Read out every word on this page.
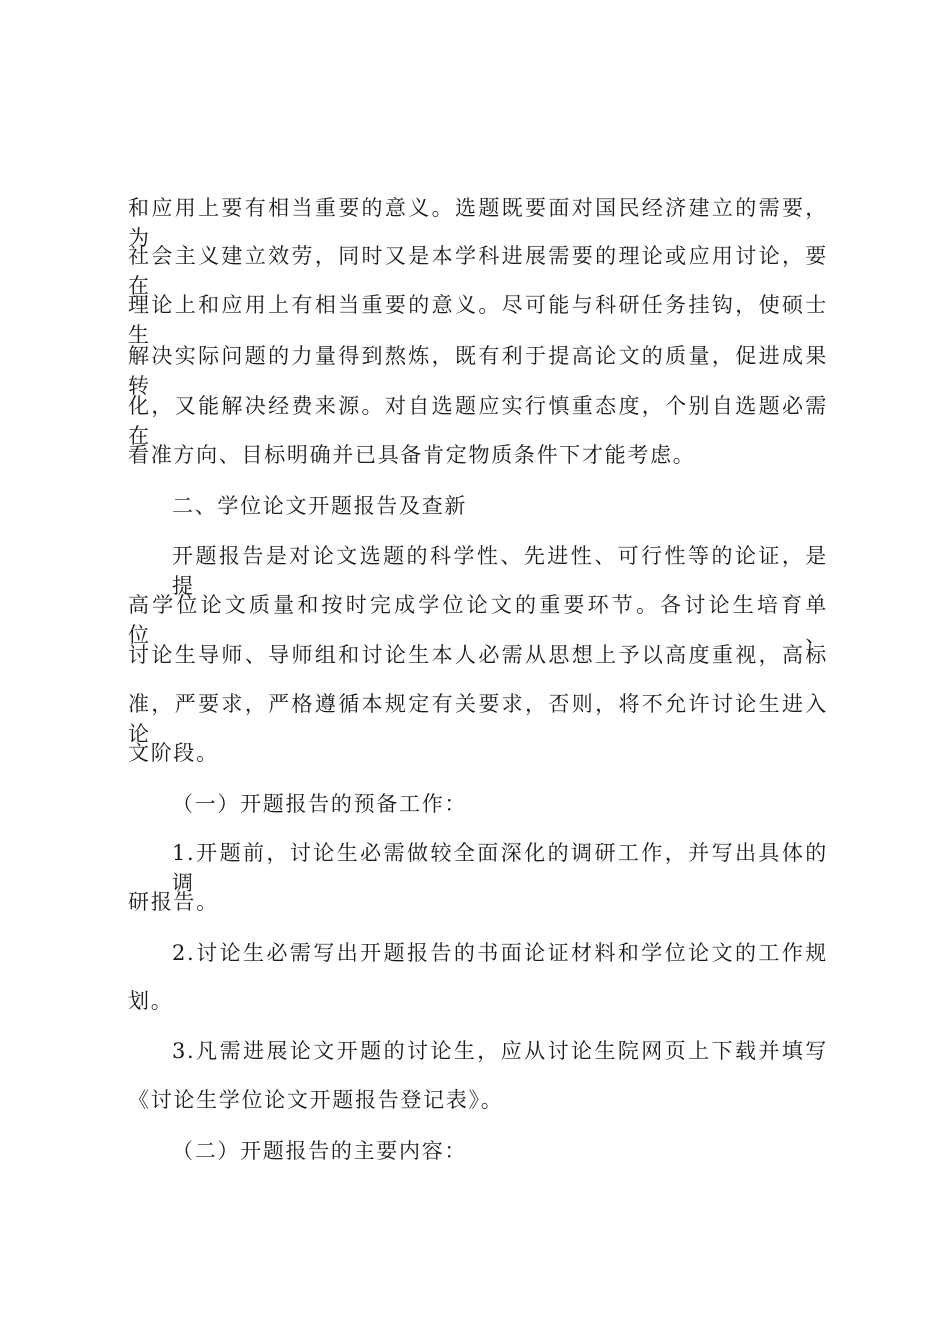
和应用上要有相当重要的意义。选题既要面对国民经济建立的需要，为
社会主义建立效劳，同时又是本学科进展需要的理论或应用讨论，要在
理论上和应用上有相当重要的意义。尽可能与科研任务挂钩，使硕士生
解决实际问题的力量得到熬炼，既有利于提高论文的质量，促进成果转
化，又能解决经费来源。对自选题应实行慎重态度，个别自选题必需在
看准方向、目标明确并已具备肯定物质条件下才能考虑。
二、学位论文开题报告及查新
开题报告是对论文选题的科学性、先进性、可行性等的论证，是提
高学位论文质量和按时完成学位论文的重要环节。各讨论生培育单位、
讨论生导师、导师组和讨论生本人必需从思想上予以高度重视，高标
准，严要求，严格遵循本规定有关要求，否则，将不允许讨论生进入论
文阶段。
（一）开题报告的预备工作：
1.开题前，讨论生必需做较全面深化的调研工作，并写出具体的调
研报告。
2.讨论生必需写出开题报告的书面论证材料和学位论文的工作规
划。
3.凡需进展论文开题的讨论生，应从讨论生院网页上下载并填写
《讨论生学位论文开题报告登记表》。
（二）开题报告的主要内容：
